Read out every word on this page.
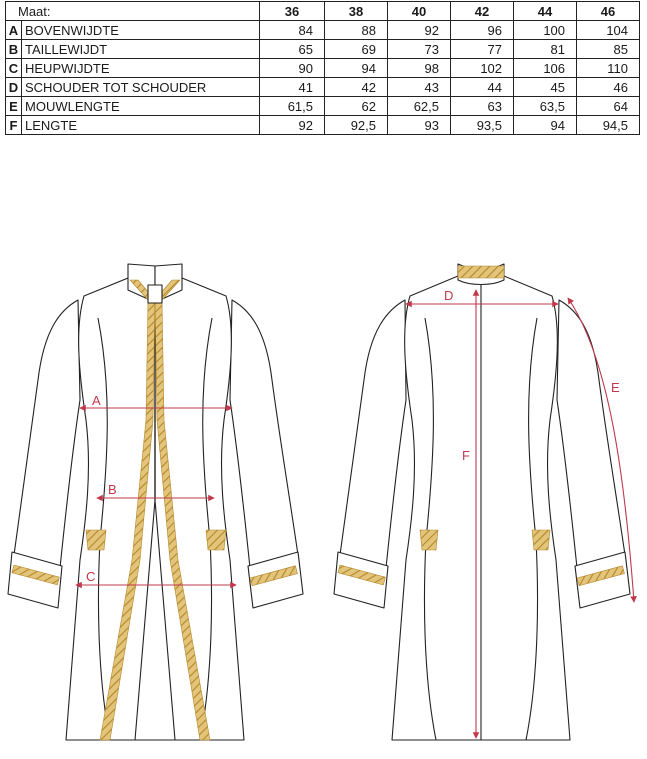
Maat:		36	38	40	42	44	46
A	BOVENWIJDTE	84	88	92	96	100	104
B	TAILLEWIJDT	65	69	73	77	81	85
C	HEUPWIJDTE	90	94	98	102	106	110
D	SCHOUDER TOT SCHOUDER	41	42	43	44	45	46
E	MOUWLENGTE	61,5	62	62,5	63	63,5	64
F	LENGTE	92	92,5	93	93,5	94	94,5
A
B
C
D
E
F
